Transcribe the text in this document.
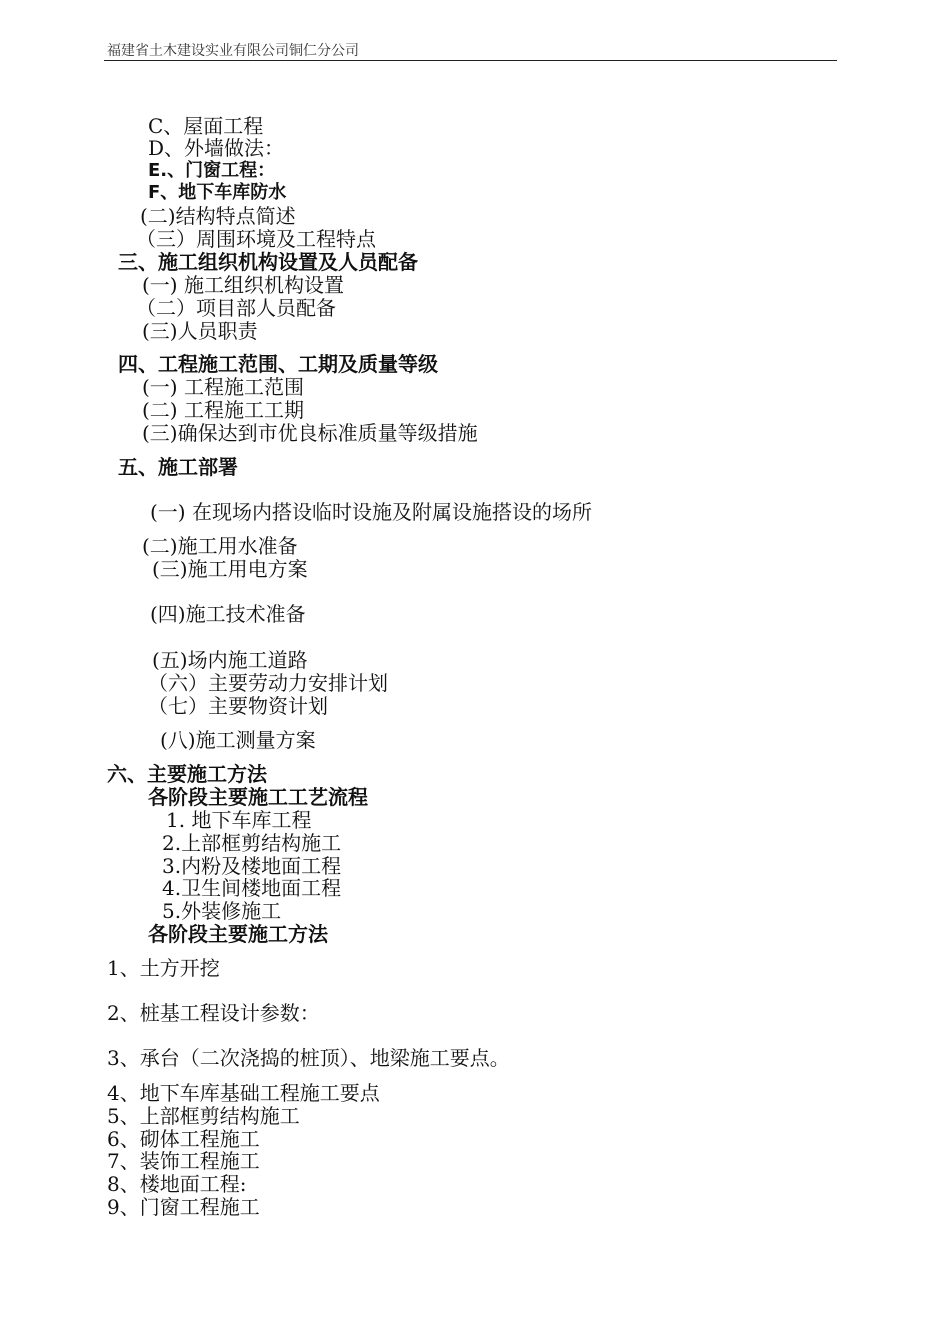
福建省土木建设实业有限公司铜仁分公司
C、屋面工程
D、外墙做法：
E.、门窗工程：
F、地下车库防水
(二)结构特点简述
（三）周围环境及工程特点
三、施工组织机构设置及人员配备
(一) 施工组织机构设置
（二）项目部人员配备
(三)人员职责
四、工程施工范围、工期及质量等级
(一) 工程施工范围
(二) 工程施工工期
(三)确保达到市优良标准质量等级措施
五、施工部署
(一) 在现场内搭设临时设施及附属设施搭设的场所
(二)施工用水准备
(三)施工用电方案
(四)施工技术准备
(五)场内施工道路
（六）主要劳动力安排计划
（七）主要物资计划
(八)施工测量方案
六、主要施工方法
各阶段主要施工工艺流程
1. 地下车库工程
2.上部框剪结构施工
3.内粉及楼地面工程
4.卫生间楼地面工程
5.外装修施工
各阶段主要施工方法
1、土方开挖
2、桩基工程设计参数：
3、承台（二次浇捣的桩顶）、地梁施工要点。
4、地下车库基础工程施工要点
5、上部框剪结构施工
6、砌体工程施工
7、装饰工程施工
8、楼地面工程:
9、门窗工程施工
